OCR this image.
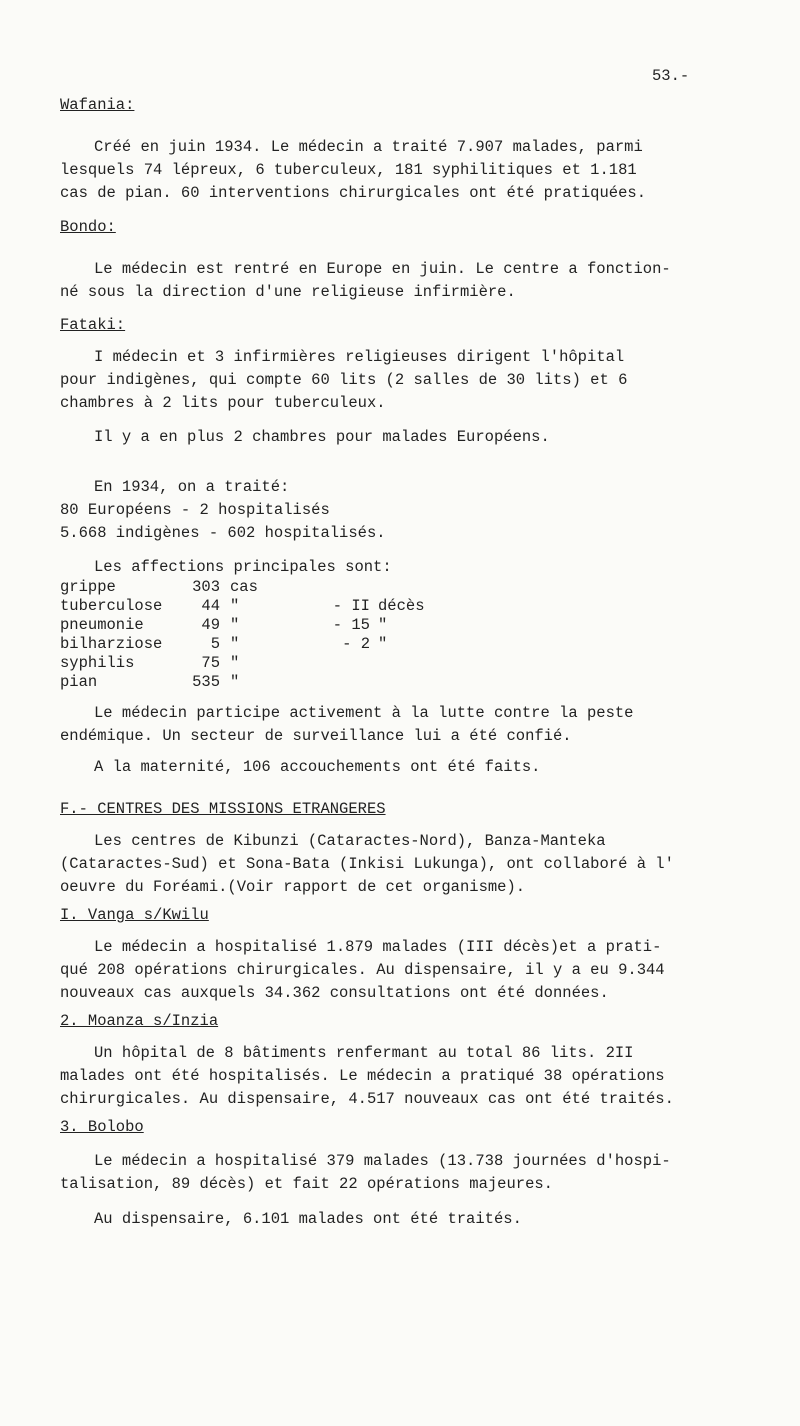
53.-
Wafania:
Créé en juin 1934. Le médecin a traité 7.907 malades, parmi
lesquels 74 lépreux, 6 tuberculeux, 181 syphilitiques et 1.181
cas de pian. 60 interventions chirurgicales ont été pratiquées.
Bondo:
Le médecin est rentré en Europe en juin. Le centre a fonction-
né sous la direction d'une religieuse infirmière.
Fataki:
I médecin et 3 infirmières religieuses dirigent l'hôpital
pour indigènes, qui compte 60 lits (2 salles de 30 lits) et 6
chambres à 2 lits pour tuberculeux.
Il y a en plus 2 chambres pour malades Européens.
En 1934, on a traité:
80 Européens - 2 hospitalisés
5.668 indigènes - 602 hospitalisés.
Les affections principales sont:
grippe	303	cas		
tuberculose	44	"	- II	décès
pneumonie	49	"	- 15	"
bilharziose	5	"	- 2	"
syphilis	75	"		
pian	535	"		
Le médecin participe activement à la lutte contre la peste
endémique. Un secteur de surveillance lui a été confié.
A la maternité, 106 accouchements ont été faits.
F.- CENTRES DES MISSIONS ETRANGERES
Les centres de Kibunzi (Cataractes-Nord), Banza-Manteka
(Cataractes-Sud) et Sona-Bata (Inkisi Lukunga), ont collaboré à l'
oeuvre du Foréami.(Voir rapport de cet organisme).
I. Vanga s/Kwilu
Le médecin a hospitalisé 1.879 malades (III décès)et a prati-
qué 208 opérations chirurgicales. Au dispensaire, il y a eu 9.344
nouveaux cas auxquels 34.362 consultations ont été données.
2. Moanza s/Inzia
Un hôpital de 8 bâtiments renfermant au total 86 lits. 2II
malades ont été hospitalisés. Le médecin a pratiqué 38 opérations
chirurgicales. Au dispensaire, 4.517 nouveaux cas ont été traités.
3. Bolobo
Le médecin a hospitalisé 379 malades (13.738 journées d'hospi-
talisation, 89 décès) et fait 22 opérations majeures.
Au dispensaire, 6.101 malades ont été traités.
